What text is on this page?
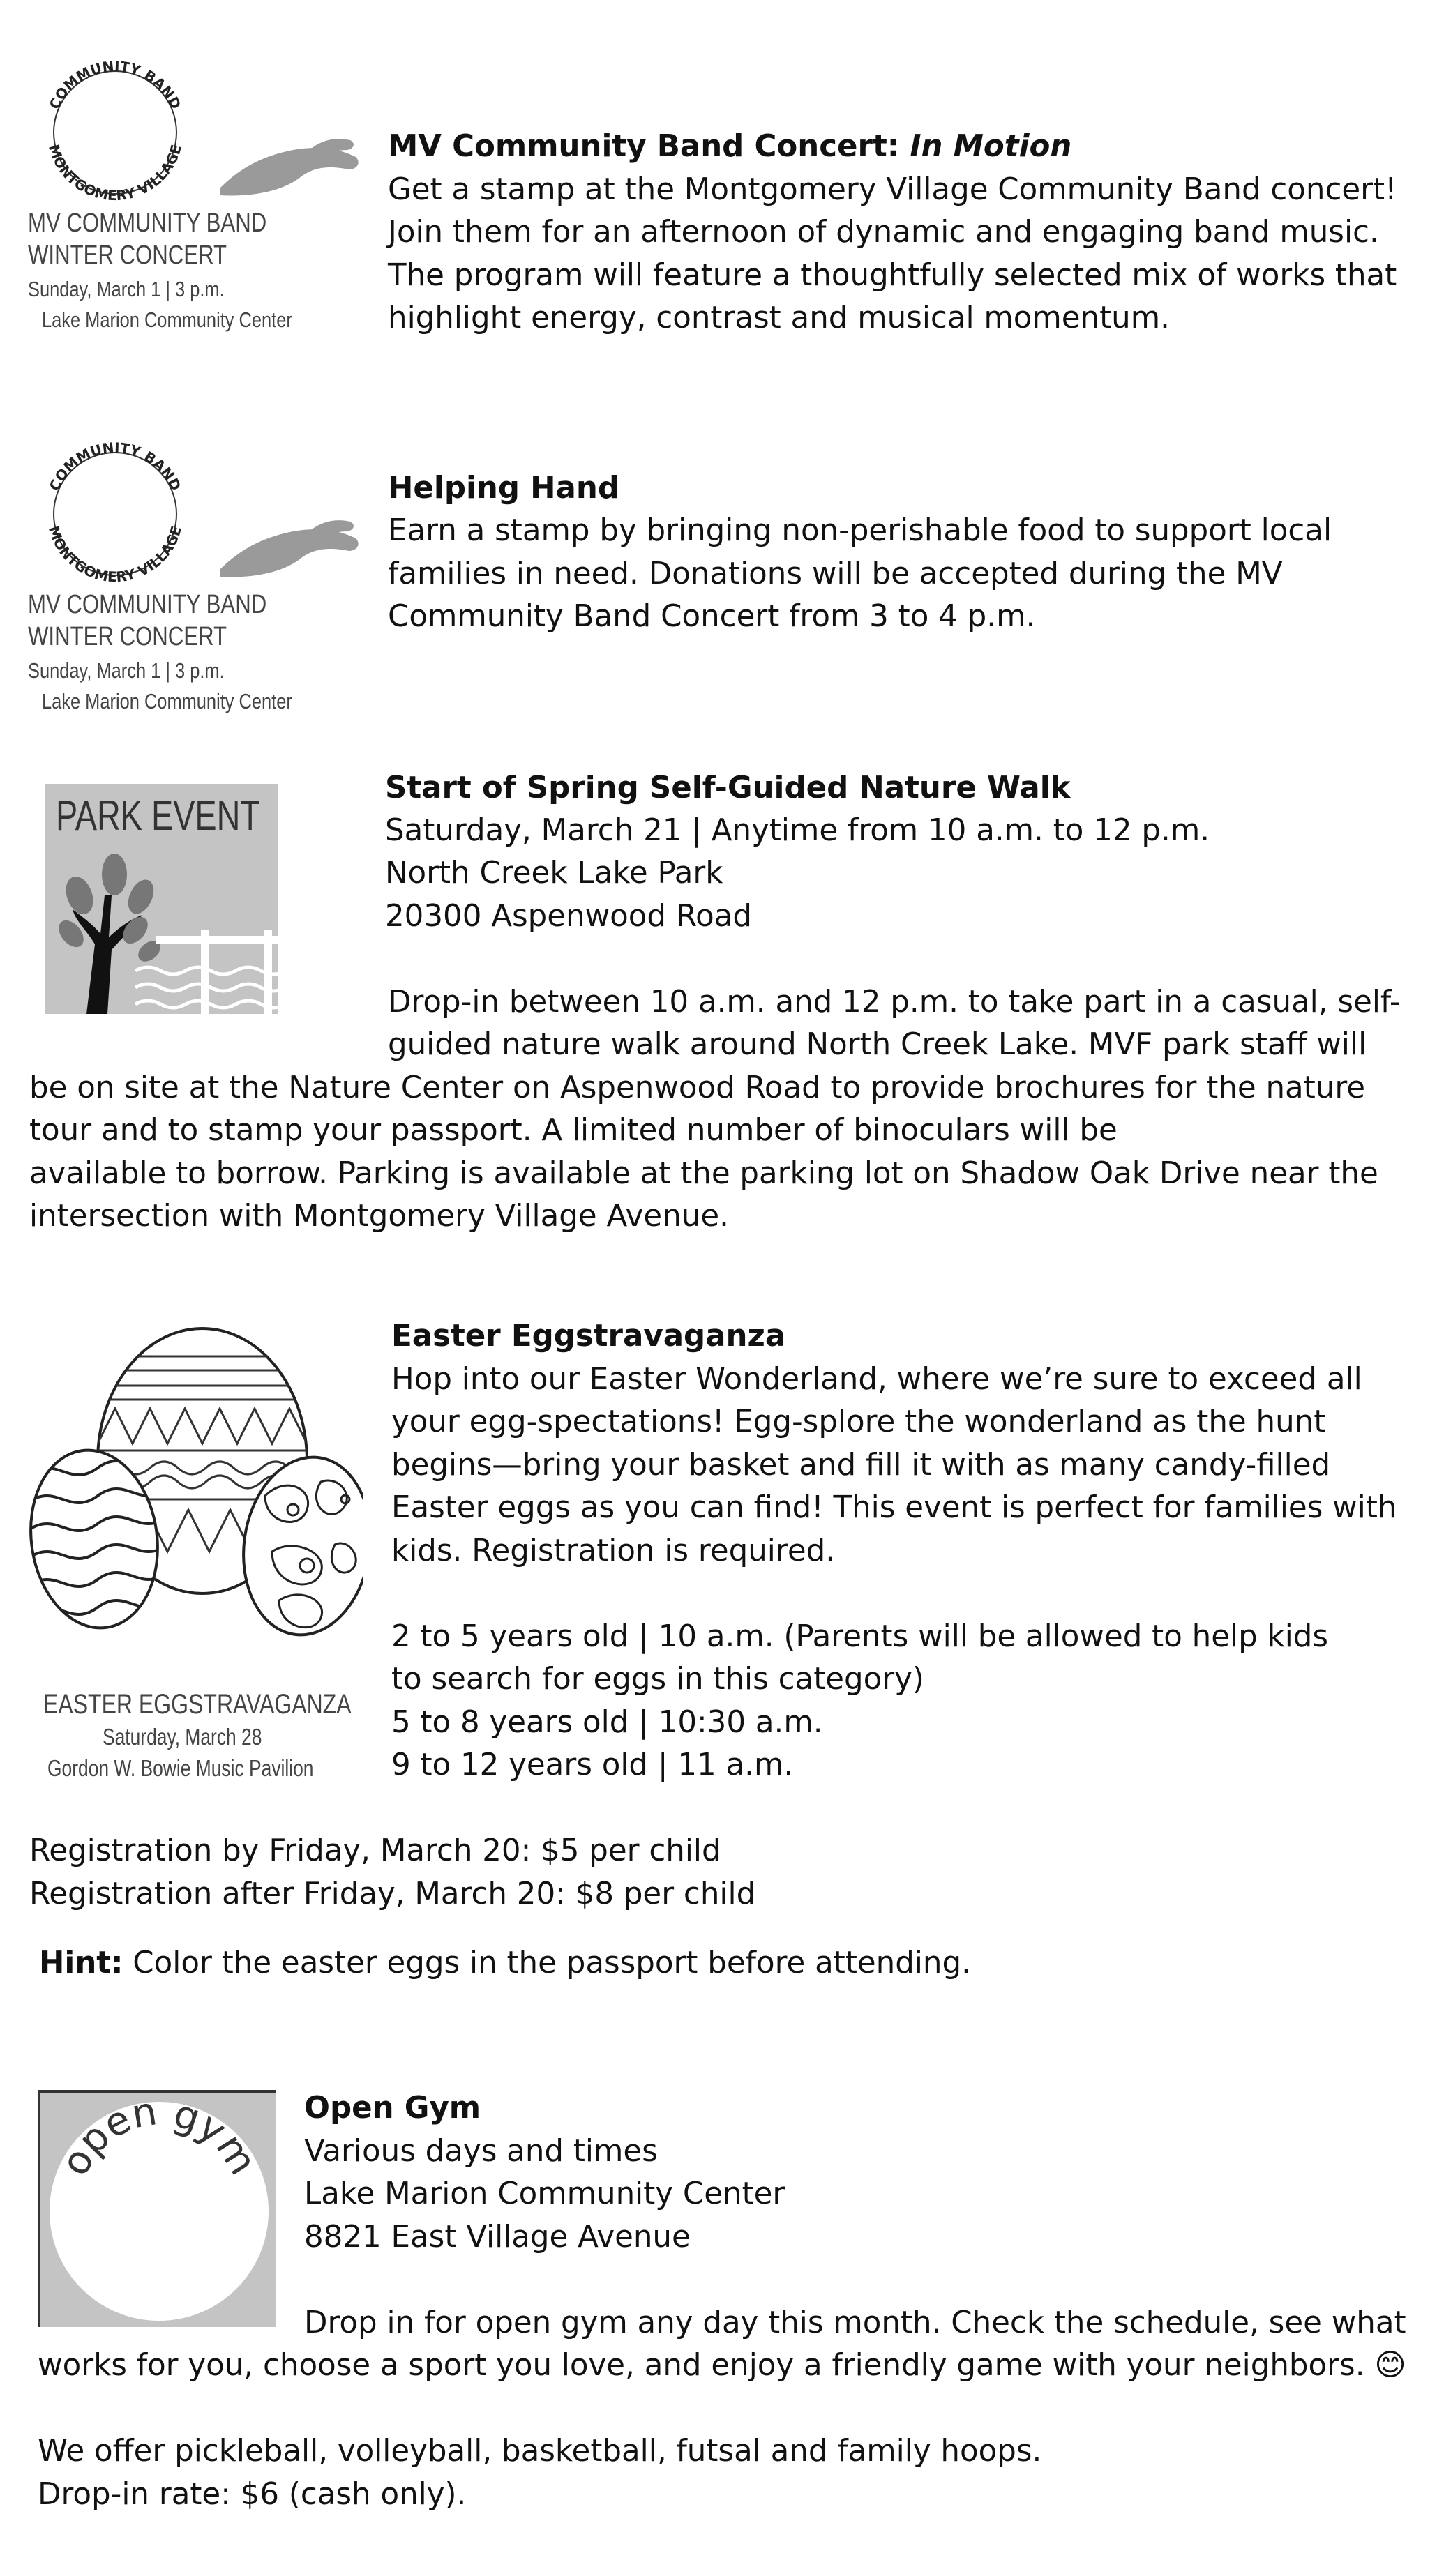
COMMUNITY BAND
MONTGOMERY VILLAGE
MV COMMUNITY BAND
WINTER CONCERT
Sunday, March 1 | 3 p.m.
Lake Marion Community Center
MV Community Band Concert: In Motion
Get a stamp at the Montgomery Village Community Band concert!
Join them for an afternoon of dynamic and engaging band music.
The program will feature a thoughtfully selected mix of works that
highlight energy, contrast and musical momentum.
COMMUNITY BAND
MONTGOMERY VILLAGE
MV COMMUNITY BAND
WINTER CONCERT
Sunday, March 1 | 3 p.m.
Lake Marion Community Center
Helping Hand
Earn a stamp by bringing non-perishable food to support local
families in need. Donations will be accepted during the MV
Community Band Concert from 3 to 4 p.m.
PARK EVENT
Start of Spring Self-Guided Nature Walk
Saturday, March 21 | Anytime from 10 a.m. to 12 p.m.
North Creek Lake Park
20300 Aspenwood Road
Drop-in between 10 a.m. and 12 p.m. to take part in a casual, self-
guided nature walk around North Creek Lake. MVF park staff will
be on site at the Nature Center on Aspenwood Road to provide brochures for the nature
tour and to stamp your passport. A limited number of binoculars will be
available to borrow. Parking is available at the parking lot on Shadow Oak Drive near the
intersection with Montgomery Village Avenue.
EASTER EGGSTRAVAGANZA
Saturday, March 28
Gordon W. Bowie Music Pavilion
Easter Eggstravaganza
Hop into our Easter Wonderland, where we’re sure to exceed all
your egg-spectations! Egg-splore the wonderland as the hunt
begins—bring your basket and fill it with as many candy-filled
Easter eggs as you can find! This event is perfect for families with
kids. Registration is required.
2 to 5 years old | 10 a.m. (Parents will be allowed to help kids
to search for eggs in this category)
5 to 8 years old | 10:30 a.m.
9 to 12 years old | 11 a.m.
Registration by Friday, March 20: $5 per child
Registration after Friday, March 20: $8 per child
Hint: Color the easter eggs in the passport before attending.
open gym
Open Gym
Various days and times
Lake Marion Community Center
8821 East Village Avenue
Drop in for open gym any day this month. Check the schedule, see what
works for you, choose a sport you love, and enjoy a friendly game with your neighbors. 😊
We offer pickleball, volleyball, basketball, futsal and family hoops.
Drop-in rate: $6 (cash only).
